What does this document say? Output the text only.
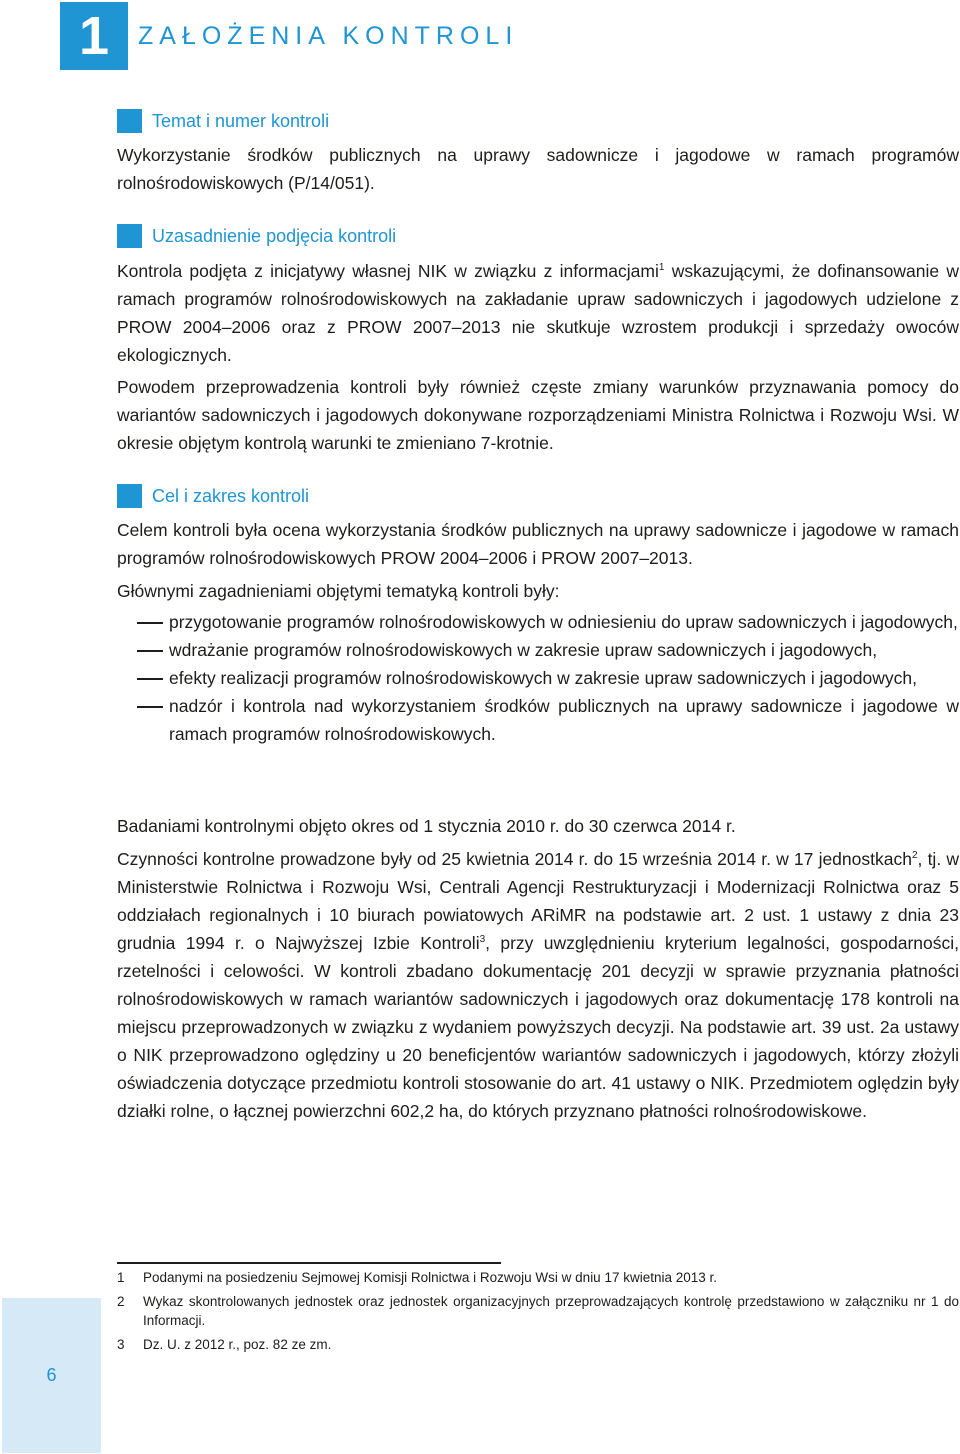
1	ZAŁOŻENIA KONTROLI
Temat i numer kontroli

Wykorzystanie środków publicznych na uprawy sadownicze i jagodowe w ramach programów rolnośrodowiskowych (P/14/051).

Uzasadnienie podjęcia kontroli

Kontrola podjęta z inicjatywy własnej NIK w związku z informacjami$^1$ wskazującymi, że dofinansowanie w ramach programów rolnośrodowiskowych na zakładanie upraw sadowniczych i jagodowych udzielone z PROW 2004–2006 oraz z PROW 2007–2013 nie skutkuje wzrostem produkcji i sprzedaży owoców ekologicznych.

Powodem przeprowadzenia kontroli były również częste zmiany warunków przyznawania pomocy do wariantów sadowniczych i jagodowych dokonywane rozporządzeniami Ministra Rolnictwa i Rozwoju Wsi. W okresie objętym kontrolą warunki te zmieniano 7-krotnie.

Cel i zakres kontroli

Celem kontroli była ocena wykorzystania środków publicznych na uprawy sadownicze i jagodowe w ramach programów rolnośrodowiskowych PROW 2004–2006 i PROW 2007–2013.

Głównymi zagadnieniami objętymi tematyką kontroli były:

przygotowanie programów rolnośrodowiskowych w odniesieniu do upraw sadowniczych i jagodowych,
wdrażanie programów rolnośrodowiskowych w zakresie upraw sadowniczych i jagodowych,
efekty realizacji programów rolnośrodowiskowych w zakresie upraw sadowniczych i jagodowych,
nadzór i kontrola nad wykorzystaniem środków publicznych na uprawy sadownicze i jagodowe w ramach programów rolnośrodowiskowych.

Badaniami kontrolnymi objęto okres od 1 stycznia 2010 r. do 30 czerwca 2014 r.

Czynności kontrolne prowadzone były od 25 kwietnia 2014 r. do 15 września 2014 r. w 17 jednostkach$^2$, tj. w Ministerstwie Rolnictwa i Rozwoju Wsi, Centrali Agencji Restrukturyzacji i Modernizacji Rolnictwa oraz 5 oddziałach regionalnych i 10 biurach powiatowych ARiMR na podstawie art. 2 ust. 1 ustawy z dnia 23 grudnia 1994 r. o Najwyższej Izbie Kontroli$^3$, przy uwzględnieniu kryterium legalności, gospodarności, rzetelności i celowości. W kontroli zbadano dokumentację 201 decyzji w sprawie przyznania płatności rolnośrodowiskowych w ramach wariantów sadowniczych i jagodowych oraz dokumentację 178 kontroli na miejscu przeprowadzonych w związku z wydaniem powyższych decyzji. Na podstawie art. 39 ust. 2a ustawy o NIK przeprowadzono oględziny u 20 beneficjentów wariantów sadowniczych i jagodowych, którzy złożyli oświadczenia dotyczące przedmiotu kontroli stosowanie do art. 41 ustawy o NIK. Przedmiotem oględzin były działki rolne, o łącznej powierzchni 602,2 ha, do których przyznano płatności rolnośrodowiskowe.

1 Podanymi na posiedzeniu Sejmowej Komisji Rolnictwa i Rozwoju Wsi w dniu 17 kwietnia 2013 r.
2 Wykaz skontrolowanych jednostek oraz jednostek organizacyjnych przeprowadzających kontrolę przedstawiono w załączniku nr 1 do Informacji.
3 Dz. U. z 2012 r., poz. 82 ze zm.
6
